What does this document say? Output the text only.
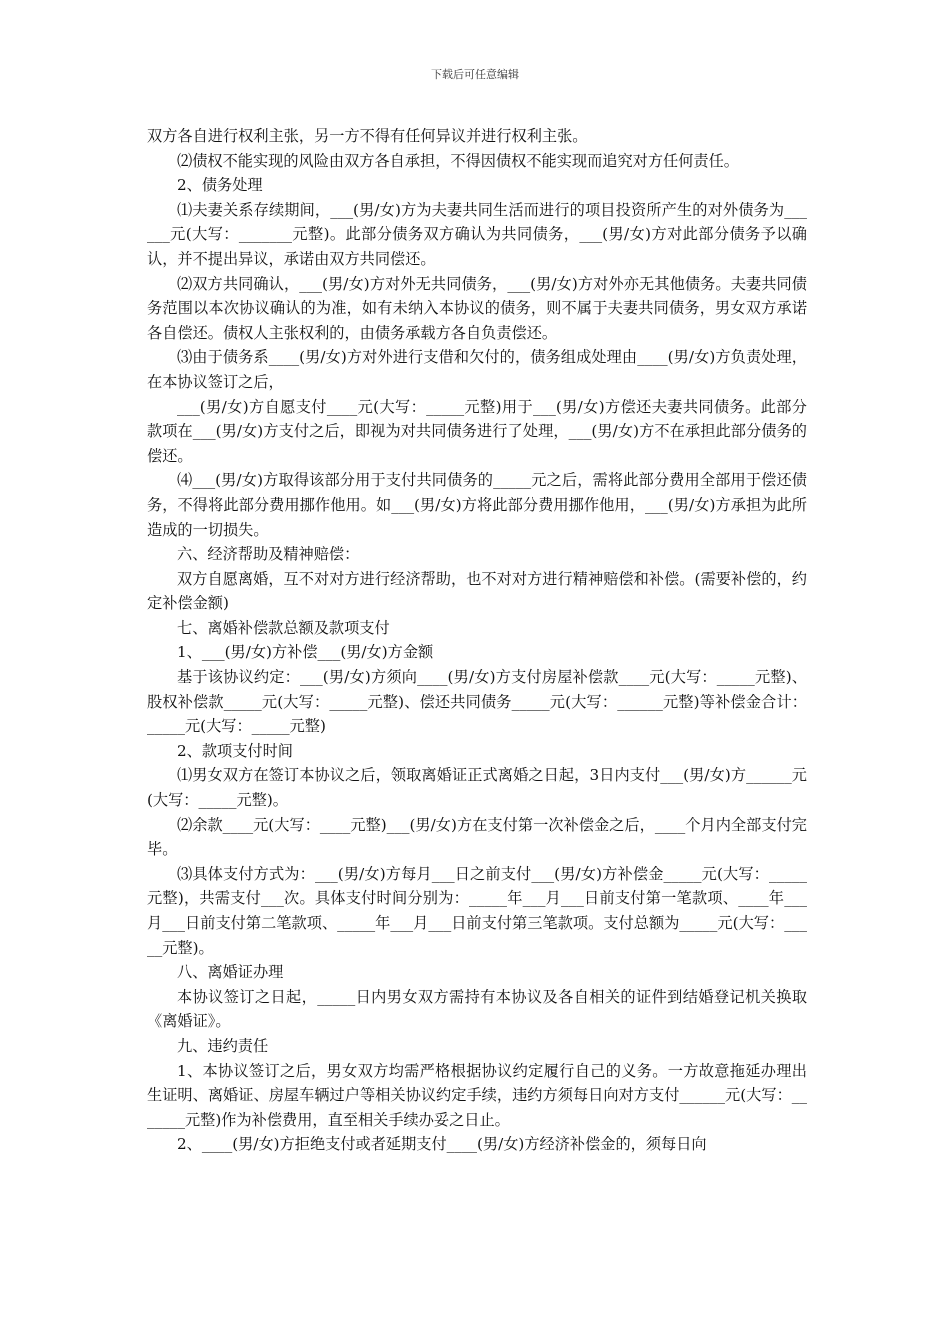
下载后可任意编辑

双方各自进行权利主张，另一方不得有任何异议并进行权利主张。

⑵债权不能实现的风险由双方各自承担，不得因债权不能实现而追究对方任何责任。

2、债务处理

⑴夫妻关系存续期间，___(男/女)方为夫妻共同生活而进行的项目投资所产生的对外债务为______元(大写：_______元整)。此部分债务双方确认为共同债务，___(男/女)方对此部分债务予以确认，并不提出异议，承诺由双方共同偿还。

⑵双方共同确认，___(男/女)方对外无共同债务，___(男/女)方对外亦无其他债务。夫妻共同债务范围以本次协议确认的为准，如有未纳入本协议的债务，则不属于夫妻共同债务，男女双方承诺各自偿还。债权人主张权利的，由债务承载方各自负责偿还。

⑶由于债务系____(男/女)方对外进行支借和欠付的，债务组成处理由____(男/女)方负责处理，在本协议签订之后，

___(男/女)方自愿支付____元(大写：_____元整)用于___(男/女)方偿还夫妻共同债务。此部分款项在___(男/女)方支付之后，即视为对共同债务进行了处理，___(男/女)方不在承担此部分债务的偿还。

⑷___(男/女)方取得该部分用于支付共同债务的_____元之后，需将此部分费用全部用于偿还债务，不得将此部分费用挪作他用。如___(男/女)方将此部分费用挪作他用，___(男/女)方承担为此所造成的一切损失。

六、经济帮助及精神赔偿：

双方自愿离婚，互不对对方进行经济帮助，也不对对方进行精神赔偿和补偿。(需要补偿的，约定补偿金额)

七、离婚补偿款总额及款项支付

1、___(男/女)方补偿___(男/女)方金额

基于该协议约定：___(男/女)方须向____(男/女)方支付房屋补偿款____元(大写：_____元整)、股权补偿款_____元(大写：_____元整)、偿还共同债务_____元(大写：______元整)等补偿金合计：_____元(大写：_____元整)

2、款项支付时间

⑴男女双方在签订本协议之后，领取离婚证正式离婚之日起，3日内支付___(男/女)方______元(大写：_____元整)。

⑵余款____元(大写：____元整)___(男/女)方在支付第一次补偿金之后，____个月内全部支付完毕。

⑶具体支付方式为：___(男/女)方每月___日之前支付___(男/女)方补偿金_____元(大写：_____元整)，共需支付___次。具体支付时间分别为：_____年___月___日前支付第一笔款项、____年___月___日前支付第二笔款项、_____年___月___日前支付第三笔款项。支付总额为_____元(大写：_____元整)。

八、离婚证办理

本协议签订之日起，_____日内男女双方需持有本协议及各自相关的证件到结婚登记机关换取《离婚证》。

九、违约责任

1、本协议签订之后，男女双方均需严格根据协议约定履行自己的义务。一方故意拖延办理出生证明、离婚证、房屋车辆过户等相关协议约定手续，违约方须每日向对方支付______元(大写：_______元整)作为补偿费用，直至相关手续办妥之日止。

2、____(男/女)方拒绝支付或者延期支付____(男/女)方经济补偿金的，须每日向
